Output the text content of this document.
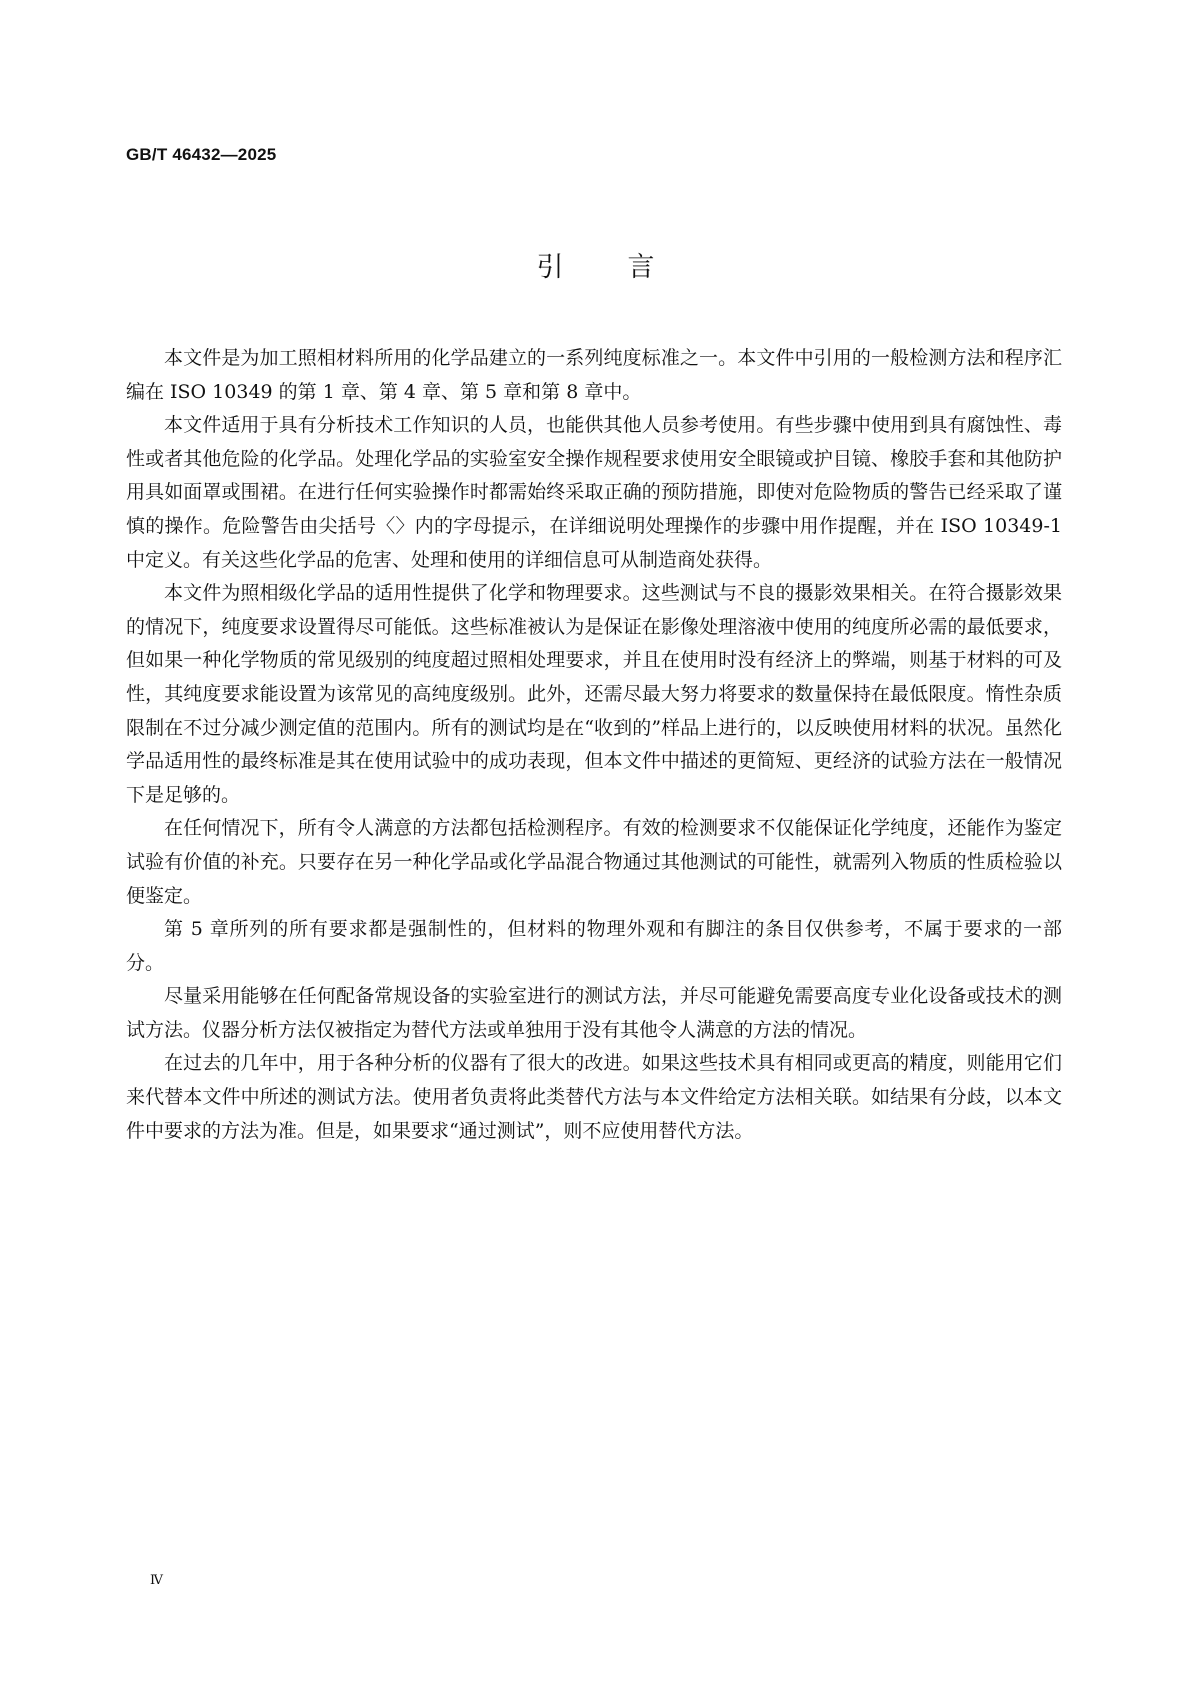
GB/T 46432—2025
引言

本文件是为加工照相材料所用的化学品建立的一系列纯度标准之一。本文件中引用的一般检测方法和程序汇编在 ISO 10349 的第 1 章、第 4 章、第 5 章和第 8 章中。

本文件适用于具有分析技术工作知识的人员，也能供其他人员参考使用。有些步骤中使用到具有腐蚀性、毒性或者其他危险的化学品。处理化学品的实验室安全操作规程要求使用安全眼镜或护目镜、橡胶手套和其他防护用具如面罩或围裙。在进行任何实验操作时都需始终采取正确的预防措施，即使对危险物质的警告已经采取了谨慎的操作。危险警告由尖括号〈〉内的字母提示，在详细说明处理操作的步骤中用作提醒，并在 ISO 10349-1 中定义。有关这些化学品的危害、处理和使用的详细信息可从制造商处获得。

本文件为照相级化学品的适用性提供了化学和物理要求。这些测试与不良的摄影效果相关。在符合摄影效果的情况下，纯度要求设置得尽可能低。这些标准被认为是保证在影像处理溶液中使用的纯度所必需的最低要求，但如果一种化学物质的常见级别的纯度超过照相处理要求，并且在使用时没有经济上的弊端，则基于材料的可及性，其纯度要求能设置为该常见的高纯度级别。此外，还需尽最大努力将要求的数量保持在最低限度。惰性杂质限制在不过分减少测定值的范围内。所有的测试均是在“收到的”样品上进行的，以反映使用材料的状况。虽然化学品适用性的最终标准是其在使用试验中的成功表现，但本文件中描述的更简短、更经济的试验方法在一般情况下是足够的。

在任何情况下，所有令人满意的方法都包括检测程序。有效的检测要求不仅能保证化学纯度，还能作为鉴定试验有价值的补充。只要存在另一种化学品或化学品混合物通过其他测试的可能性，就需列入物质的性质检验以便鉴定。

第 5 章所列的所有要求都是强制性的，但材料的物理外观和有脚注的条目仅供参考，不属于要求的一部分。

尽量采用能够在任何配备常规设备的实验室进行的测试方法，并尽可能避免需要高度专业化设备或技术的测试方法。仪器分析方法仅被指定为替代方法或单独用于没有其他令人满意的方法的情况。

在过去的几年中，用于各种分析的仪器有了很大的改进。如果这些技术具有相同或更高的精度，则能用它们来代替本文件中所述的测试方法。使用者负责将此类替代方法与本文件给定方法相关联。如结果有分歧，以本文件中要求的方法为准。但是，如果要求“通过测试”，则不应使用替代方法。

Ⅳ
